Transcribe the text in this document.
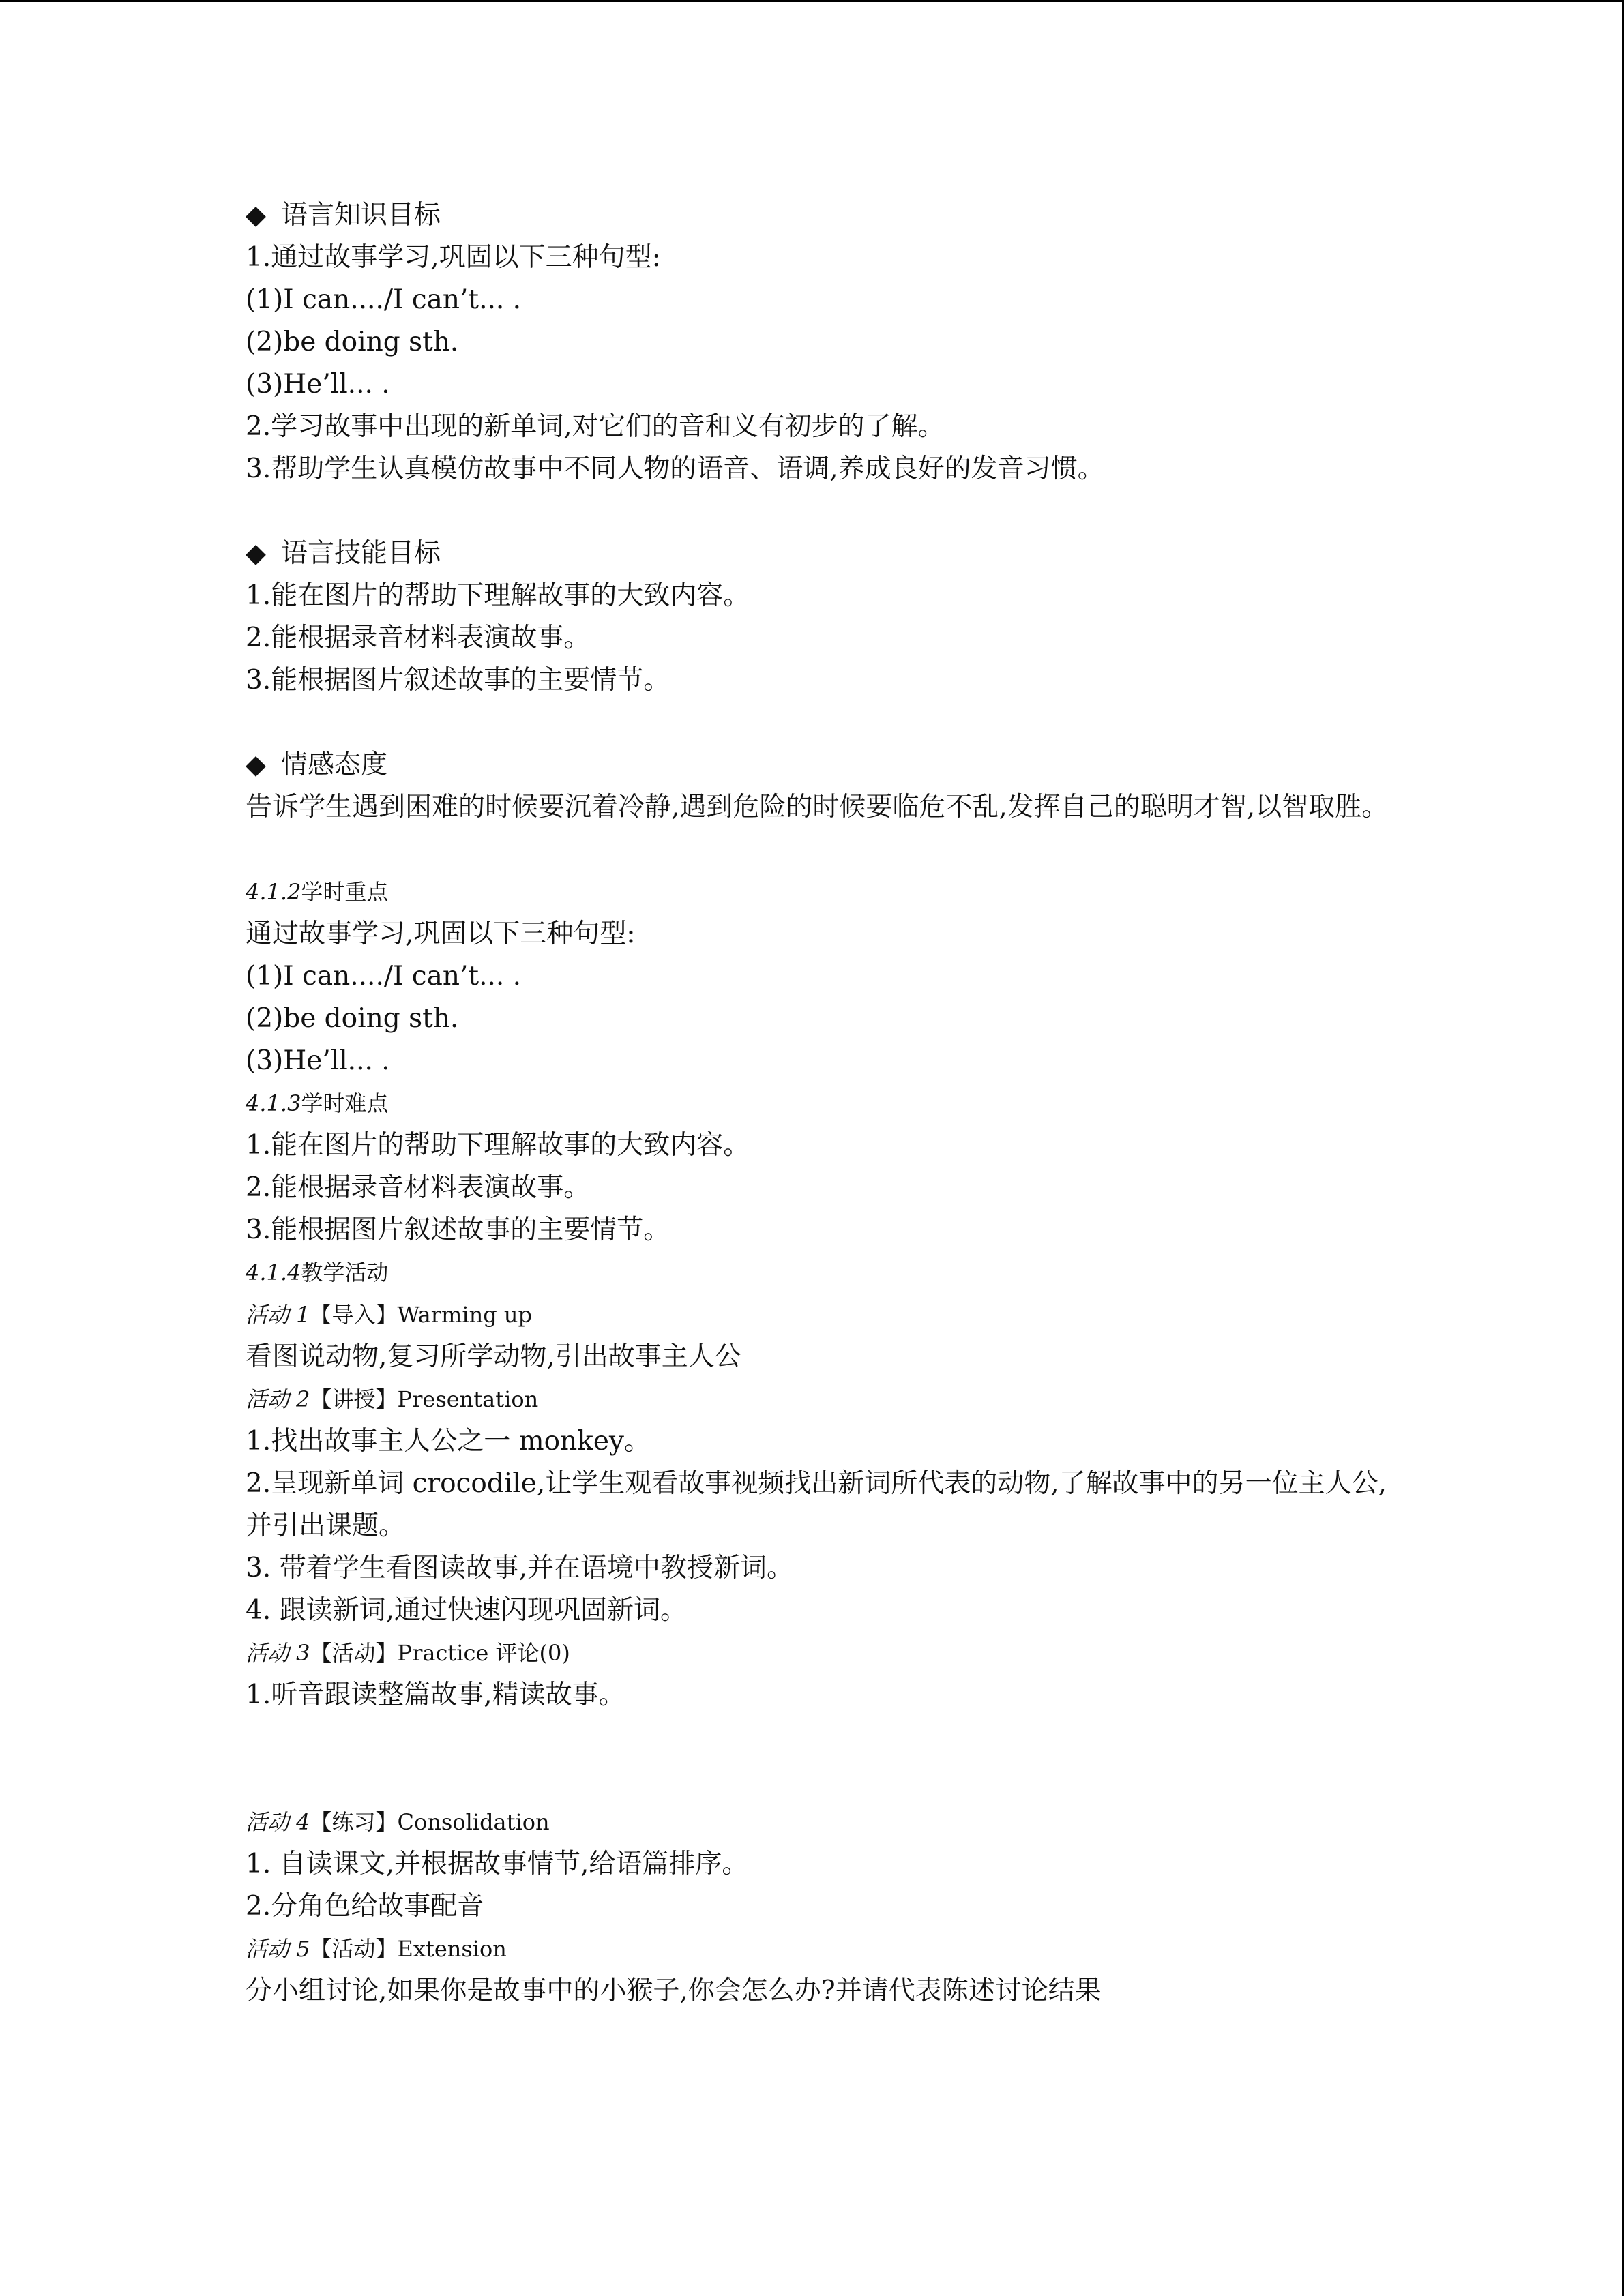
◆ 语言知识目标
1.通过故事学习,巩固以下三种句型:
(1)I can..../I can’t... .
(2)be doing sth.
(3)He’ll... .
2.学习故事中出现的新单词,对它们的音和义有初步的了解。
3.帮助学生认真模仿故事中不同人物的语音、语调,养成良好的发音习惯。
◆ 语言技能目标
1.能在图片的帮助下理解故事的大致内容。
2.能根据录音材料表演故事。
3.能根据图片叙述故事的主要情节。
◆ 情感态度
告诉学生遇到困难的时候要沉着冷静,遇到危险的时候要临危不乱,发挥自己的聪明才智,以智取胜。
4.1.2学时重点
通过故事学习,巩固以下三种句型:
(1)I can..../I can’t... .
(2)be doing sth.
(3)He’ll... .
4.1.3学时难点
1.能在图片的帮助下理解故事的大致内容。
2.能根据录音材料表演故事。
3.能根据图片叙述故事的主要情节。
4.1.4教学活动
活动 1【导入】Warming up
看图说动物,复习所学动物,引出故事主人公
活动 2【讲授】Presentation
1.找出故事主人公之一 monkey。
2.呈现新单词 crocodile,让学生观看故事视频找出新词所代表的动物,了解故事中的另一位主人公,并引出课题。
3. 带着学生看图读故事,并在语境中教授新词。
4. 跟读新词,通过快速闪现巩固新词。
活动 3【活动】Practice 评论(0)
1.听音跟读整篇故事,精读故事。
活动 4【练习】Consolidation
1. 自读课文,并根据故事情节,给语篇排序。
2.分角色给故事配音
活动 5【活动】Extension
分小组讨论,如果你是故事中的小猴子,你会怎么办?并请代表陈述讨论结果
